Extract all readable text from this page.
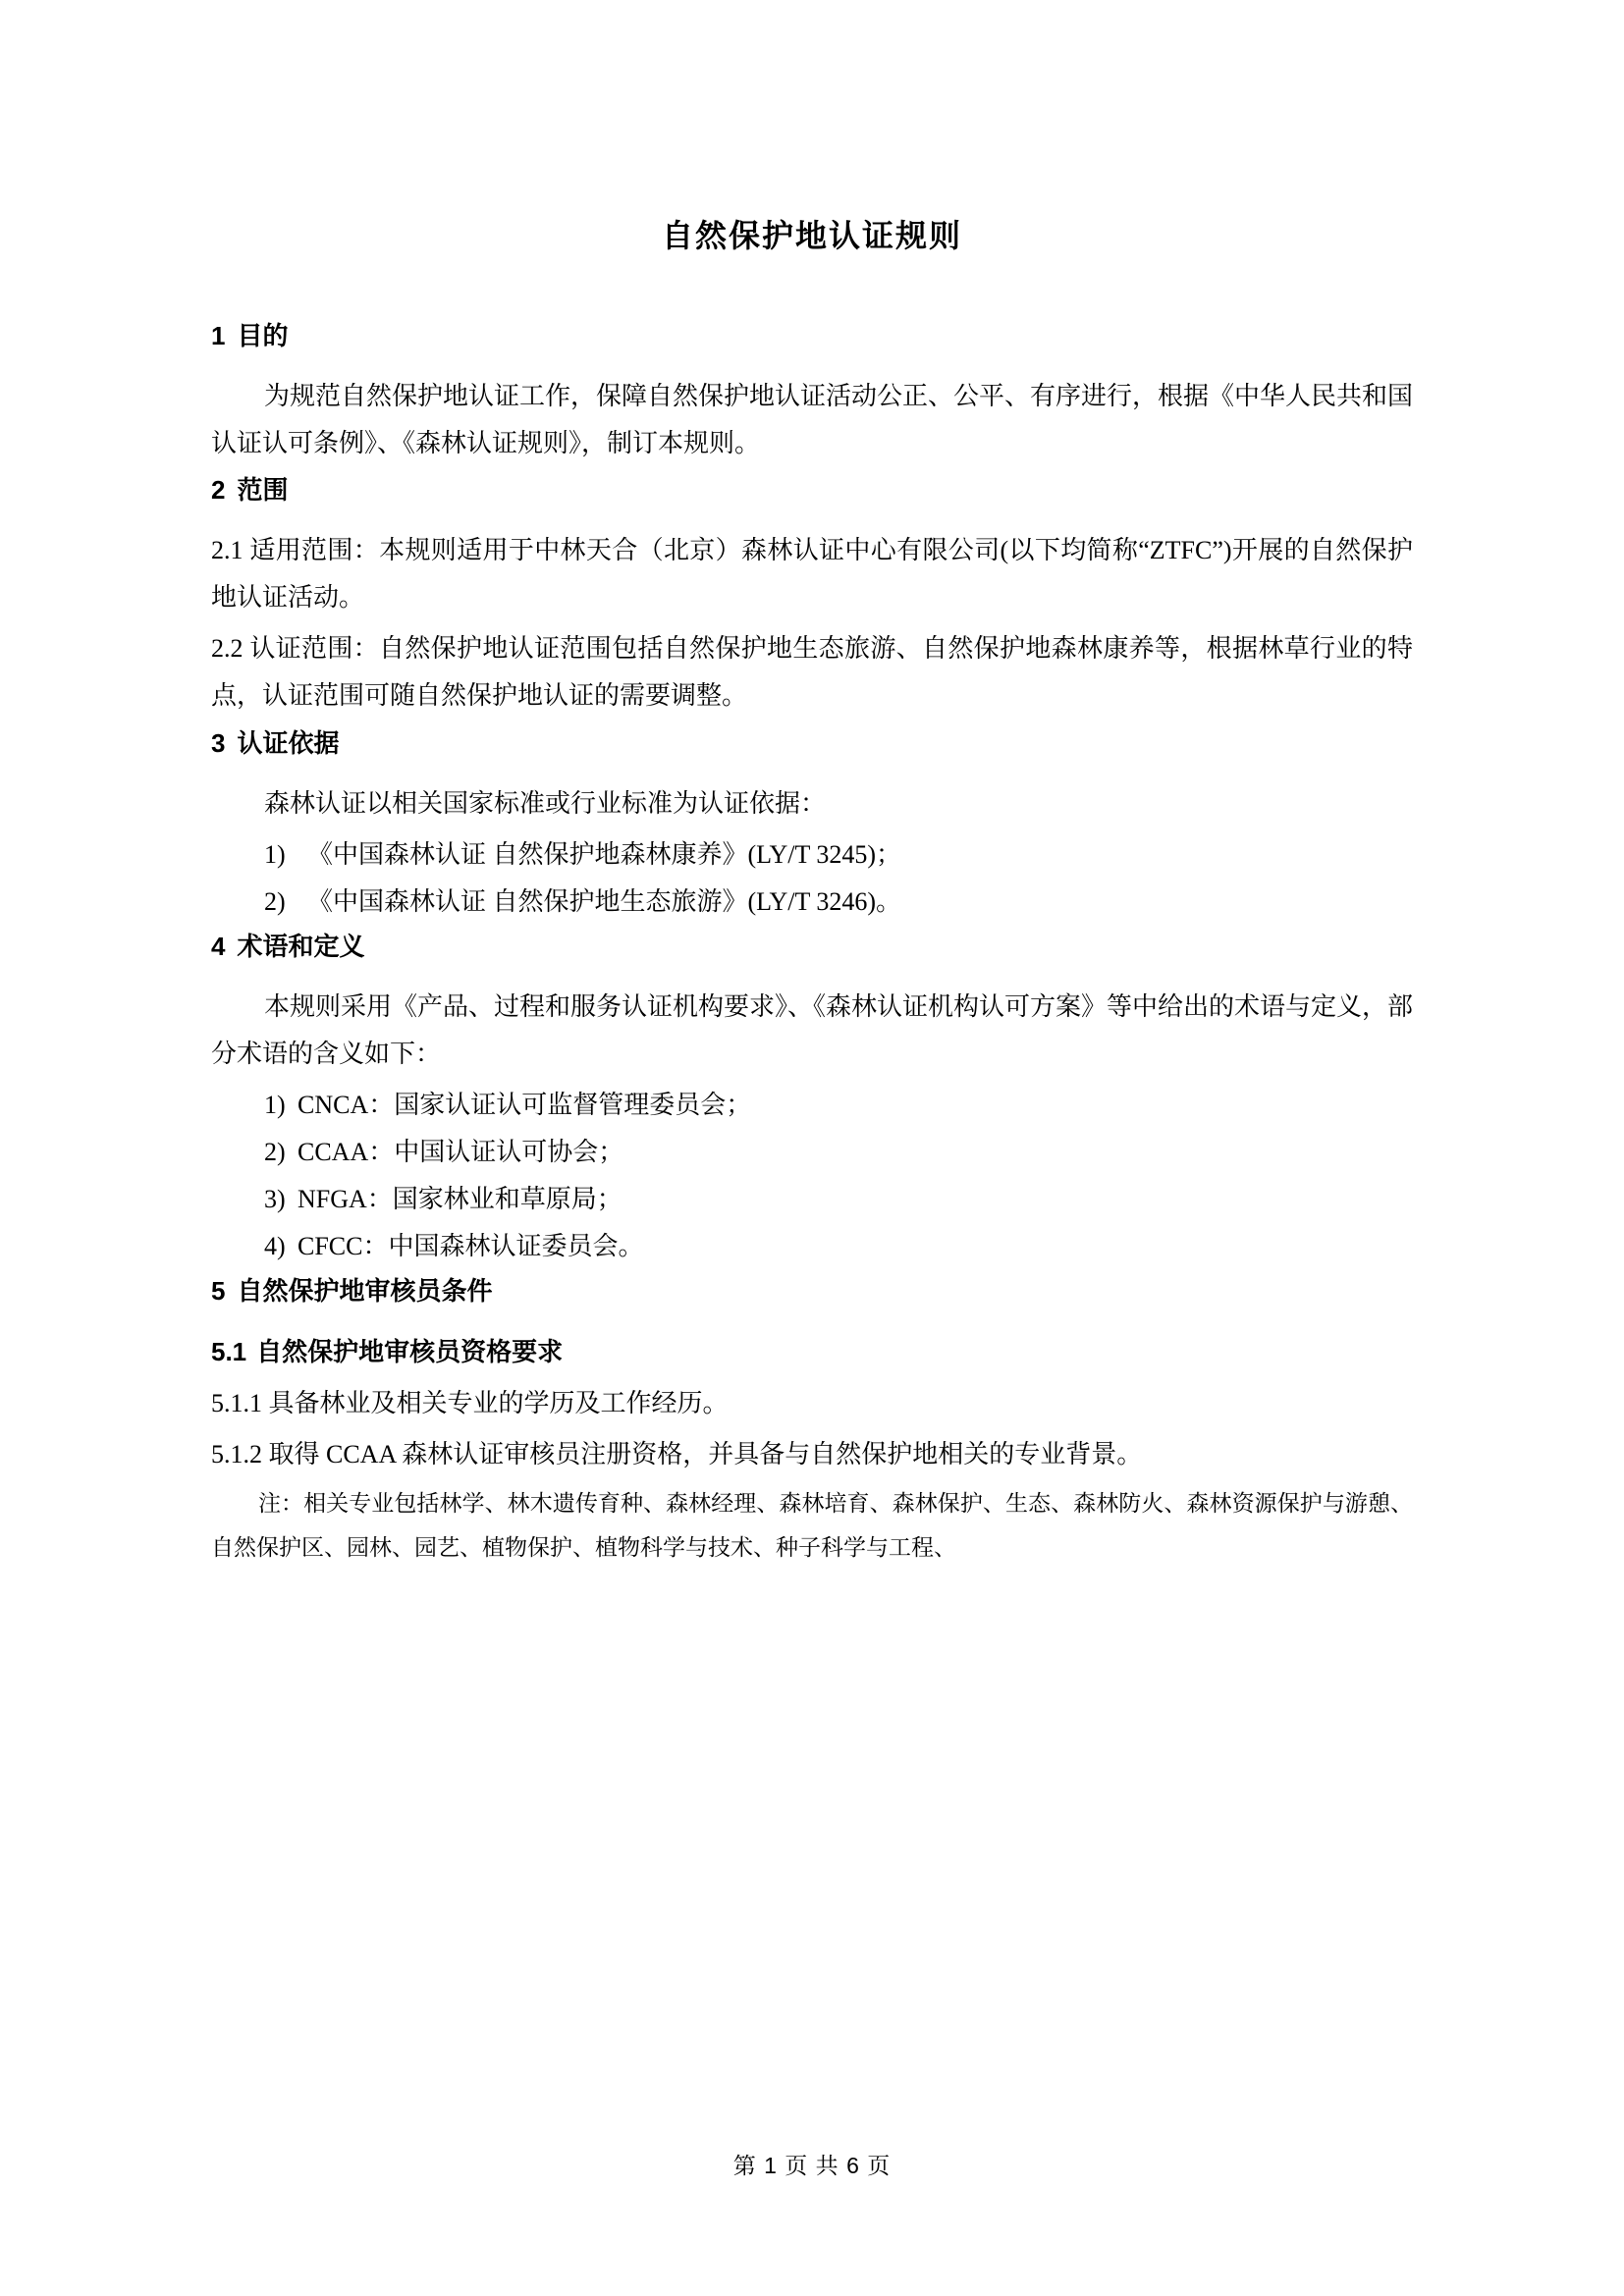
自然保护地认证规则
1 目的

为规范自然保护地认证工作，保障自然保护地认证活动公正、公平、有序进行，根据《中华人民共和国认证认可条例》、《森林认证规则》，制订本规则。

2 范围

2.1 适用范围：本规则适用于中林天合（北京）森林认证中心有限公司(以下均简称“ZTFC”)开展的自然保护地认证活动。

2.2 认证范围：自然保护地认证范围包括自然保护地生态旅游、自然保护地森林康养等，根据林草行业的特点，认证范围可随自然保护地认证的需要调整。

3 认证依据

森林认证以相关国家标准或行业标准为认证依据：

1) 《中国森林认证 自然保护地森林康养》(LY/T 3245)；

2) 《中国森林认证 自然保护地生态旅游》(LY/T 3246)。

4 术语和定义

本规则采用《产品、过程和服务认证机构要求》、《森林认证机构认可方案》等中给出的术语与定义，部分术语的含义如下：

1) CNCA：国家认证认可监督管理委员会；

2) CCAA：中国认证认可协会；

3) NFGA：国家林业和草原局；

4) CFCC：中国森林认证委员会。

5 自然保护地审核员条件
5.1 自然保护地审核员资格要求

5.1.1 具备林业及相关专业的学历及工作经历。

5.1.2 取得 CCAA 森林认证审核员注册资格，并具备与自然保护地相关的专业背景。

注：相关专业包括林学、林木遗传育种、森林经理、森林培育、森林保护、生态、森林防火、森林资源保护与游憩、自然保护区、园林、园艺、植物保护、植物科学与技术、种子科学与工程、

第 1 页 共 6 页
